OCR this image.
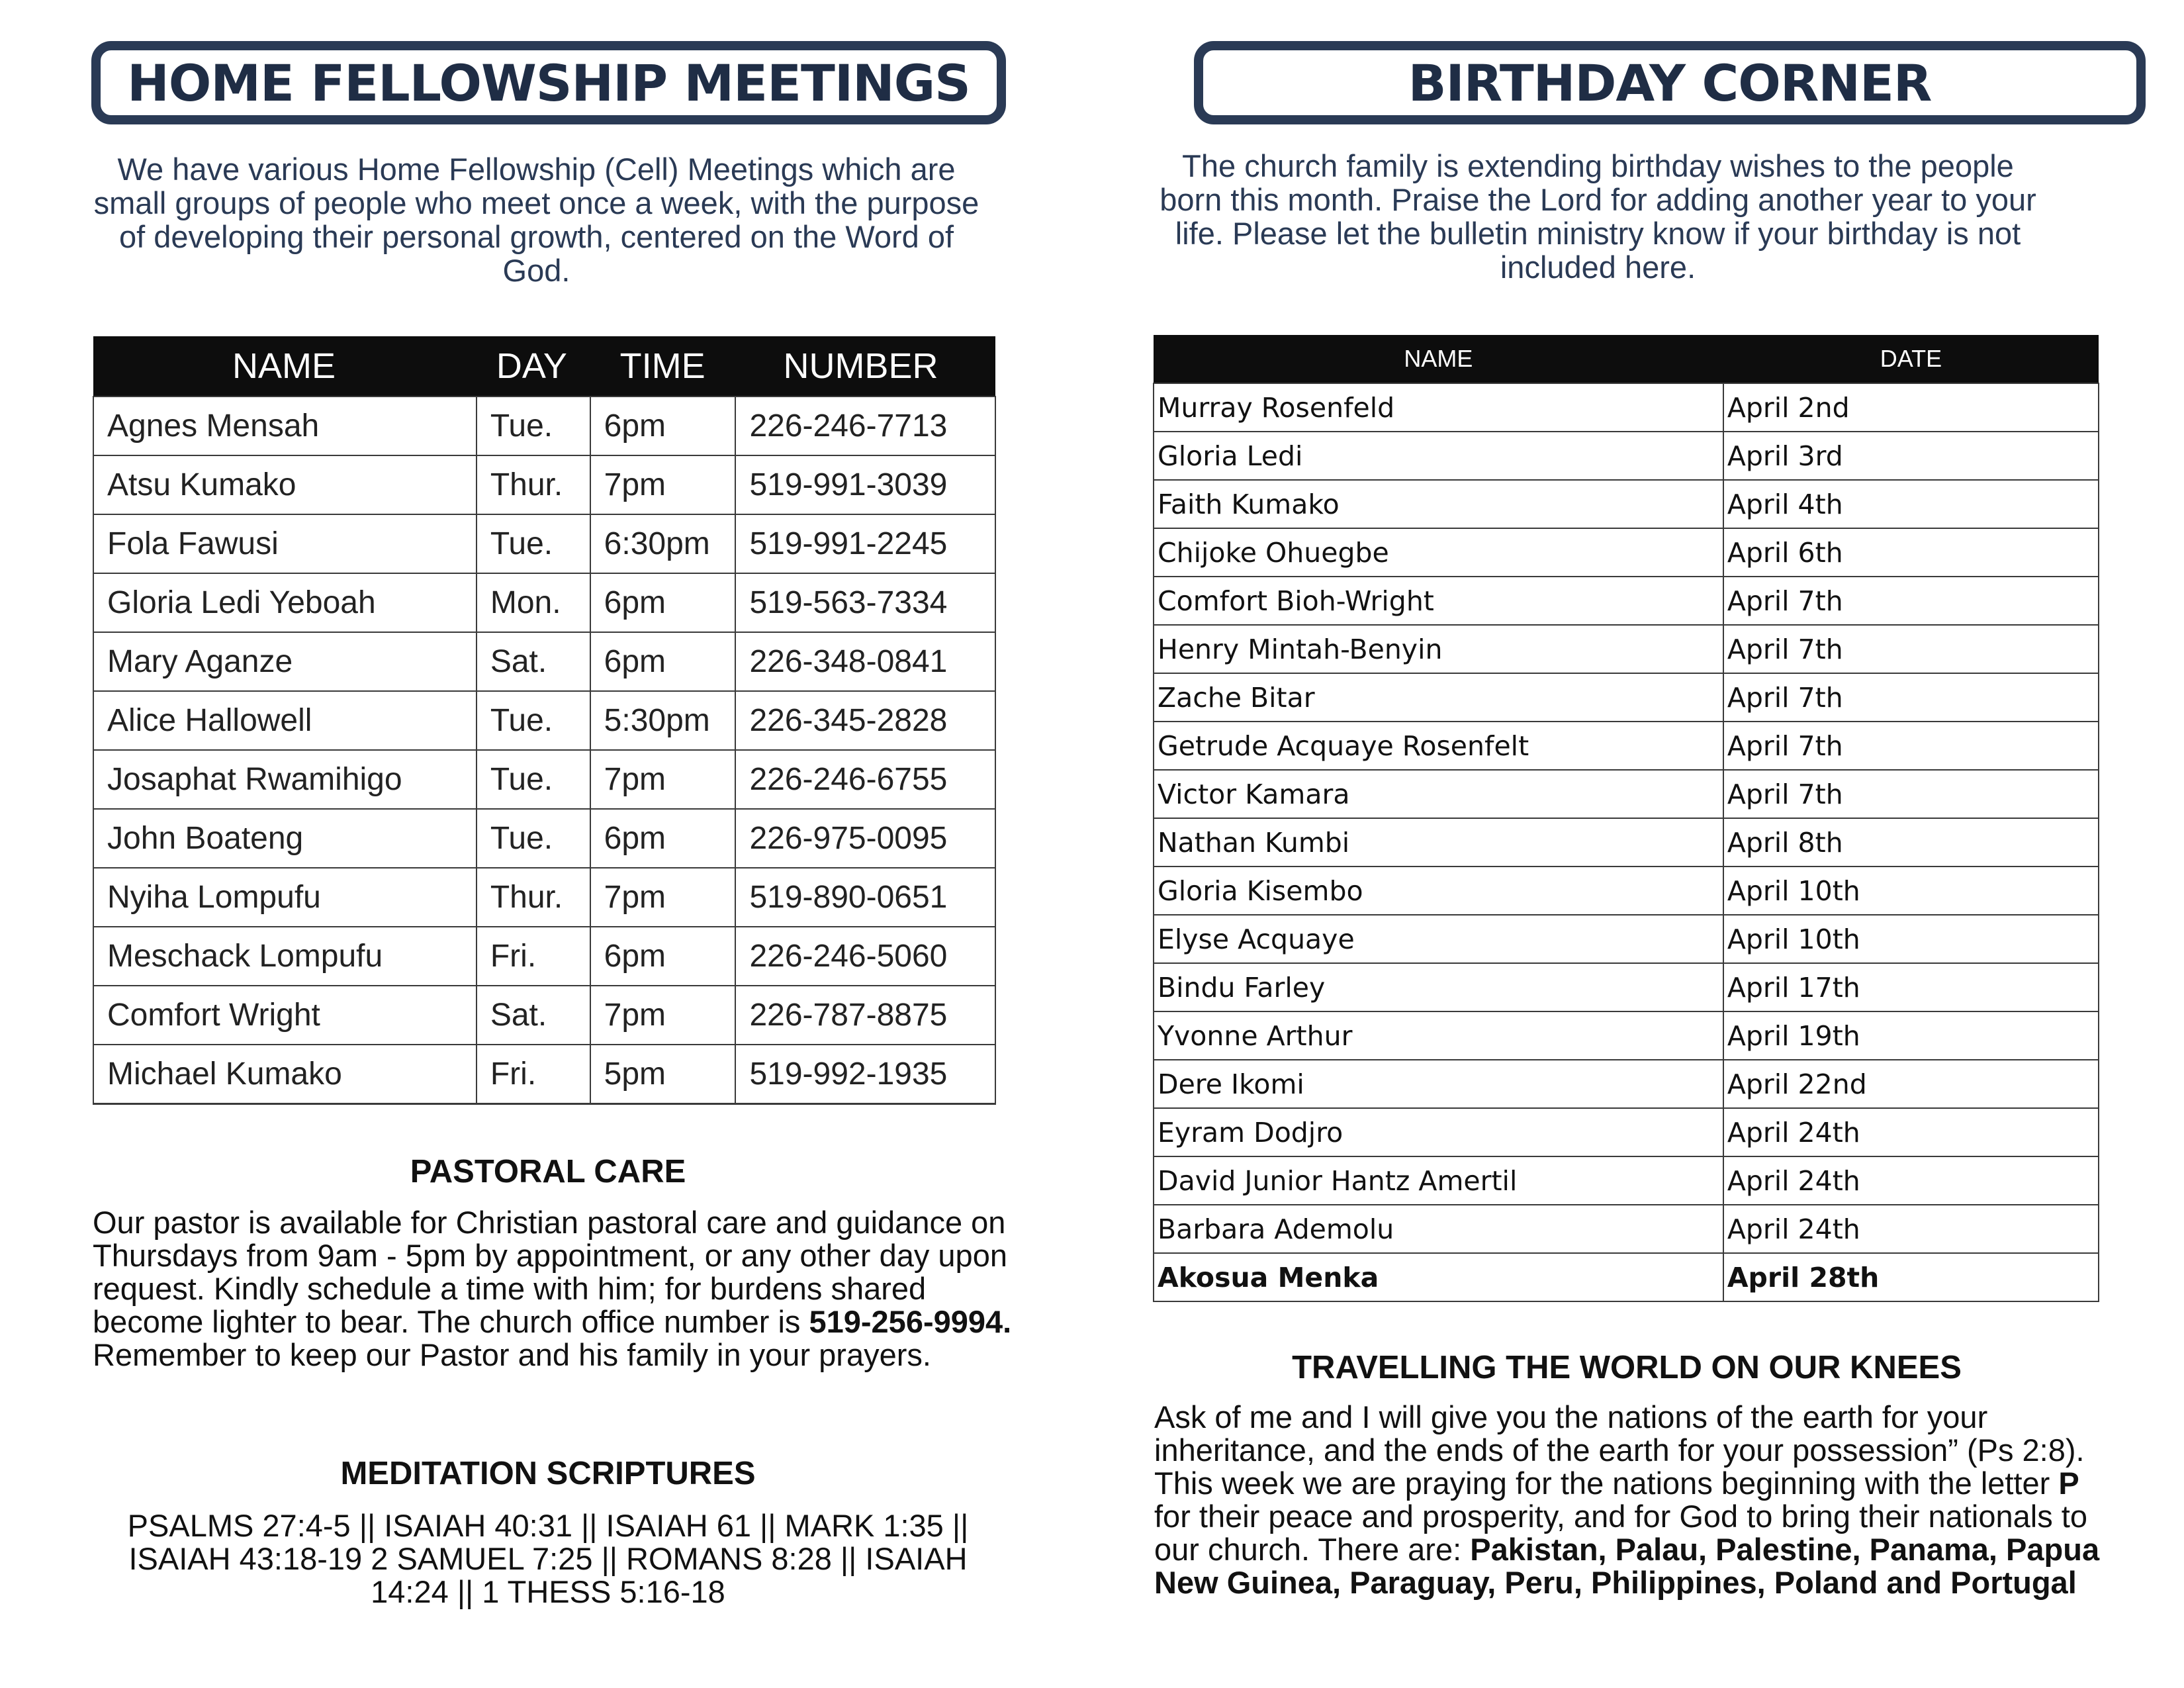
HOME FELLOWSHIP MEETINGS
We have various Home Fellowship (Cell) Meetings which are small groups of people who meet once a week, with the purpose of developing their personal growth, centered on the Word of God.
NAME	DAY	TIME	NUMBER
Agnes Mensah	Tue.	6pm	226-246-7713
Atsu Kumako	Thur.	7pm	519-991-3039
Fola Fawusi	Tue.	6:30pm	519-991-2245
Gloria Ledi Yeboah	Mon.	6pm	519-563-7334
Mary Aganze	Sat.	6pm	226-348-0841
Alice Hallowell	Tue.	5:30pm	226-345-2828
Josaphat Rwamihigo	Tue.	7pm	226-246-6755
John Boateng	Tue.	6pm	226-975-0095
Nyiha Lompufu	Thur.	7pm	519-890-0651
Meschack Lompufu	Fri.	6pm	226-246-5060
Comfort Wright	Sat.	7pm	226-787-8875
Michael Kumako	Fri.	5pm	519-992-1935
PASTORAL CARE
Our pastor is available for Christian pastoral care and guidance on Thursdays from 9am - 5pm by appointment, or any other day upon request. Kindly schedule a time with him; for burdens shared become lighter to bear. The church office number is 519-256-9994. Remember to keep our Pastor and his family in your prayers.
MEDITATION SCRIPTURES
PSALMS 27:4-5 || ISAIAH 40:31 || ISAIAH 61 || MARK 1:35 || ISAIAH 43:18-19 2 SAMUEL 7:25 || ROMANS 8:28 || ISAIAH 14:24 || 1 THESS 5:16-18
BIRTHDAY CORNER
The church family is extending birthday wishes to the people born this month. Praise the Lord for adding another year to your life. Please let the bulletin ministry know if your birthday is not included here.
NAME	DATE
Murray Rosenfeld	April 2nd
Gloria Ledi	April 3rd
Faith Kumako	April 4th
Chijoke Ohuegbe	April 6th
Comfort Bioh-Wright	April 7th
Henry Mintah-Benyin	April 7th
Zache Bitar	April 7th
Getrude Acquaye Rosenfelt	April 7th
Victor Kamara	April 7th
Nathan Kumbi	April 8th
Gloria Kisembo	April 10th
Elyse Acquaye	April 10th
Bindu Farley	April 17th
Yvonne Arthur	April 19th
Dere Ikomi	April 22nd
Eyram Dodjro	April 24th
David Junior Hantz Amertil	April 24th
Barbara Ademolu	April 24th
Akosua Menka	April 28th
TRAVELLING THE WORLD ON OUR KNEES
Ask of me and I will give you the nations of the earth for your inheritance, and the ends of the earth for your possession” (Ps 2:8). This week we are praying for the nations beginning with the letter P for their peace and prosperity, and for God to bring their nationals to our church. There are: Pakistan, Palau, Palestine, Panama, Papua New Guinea, Paraguay, Peru, Philippines, Poland and Portugal
